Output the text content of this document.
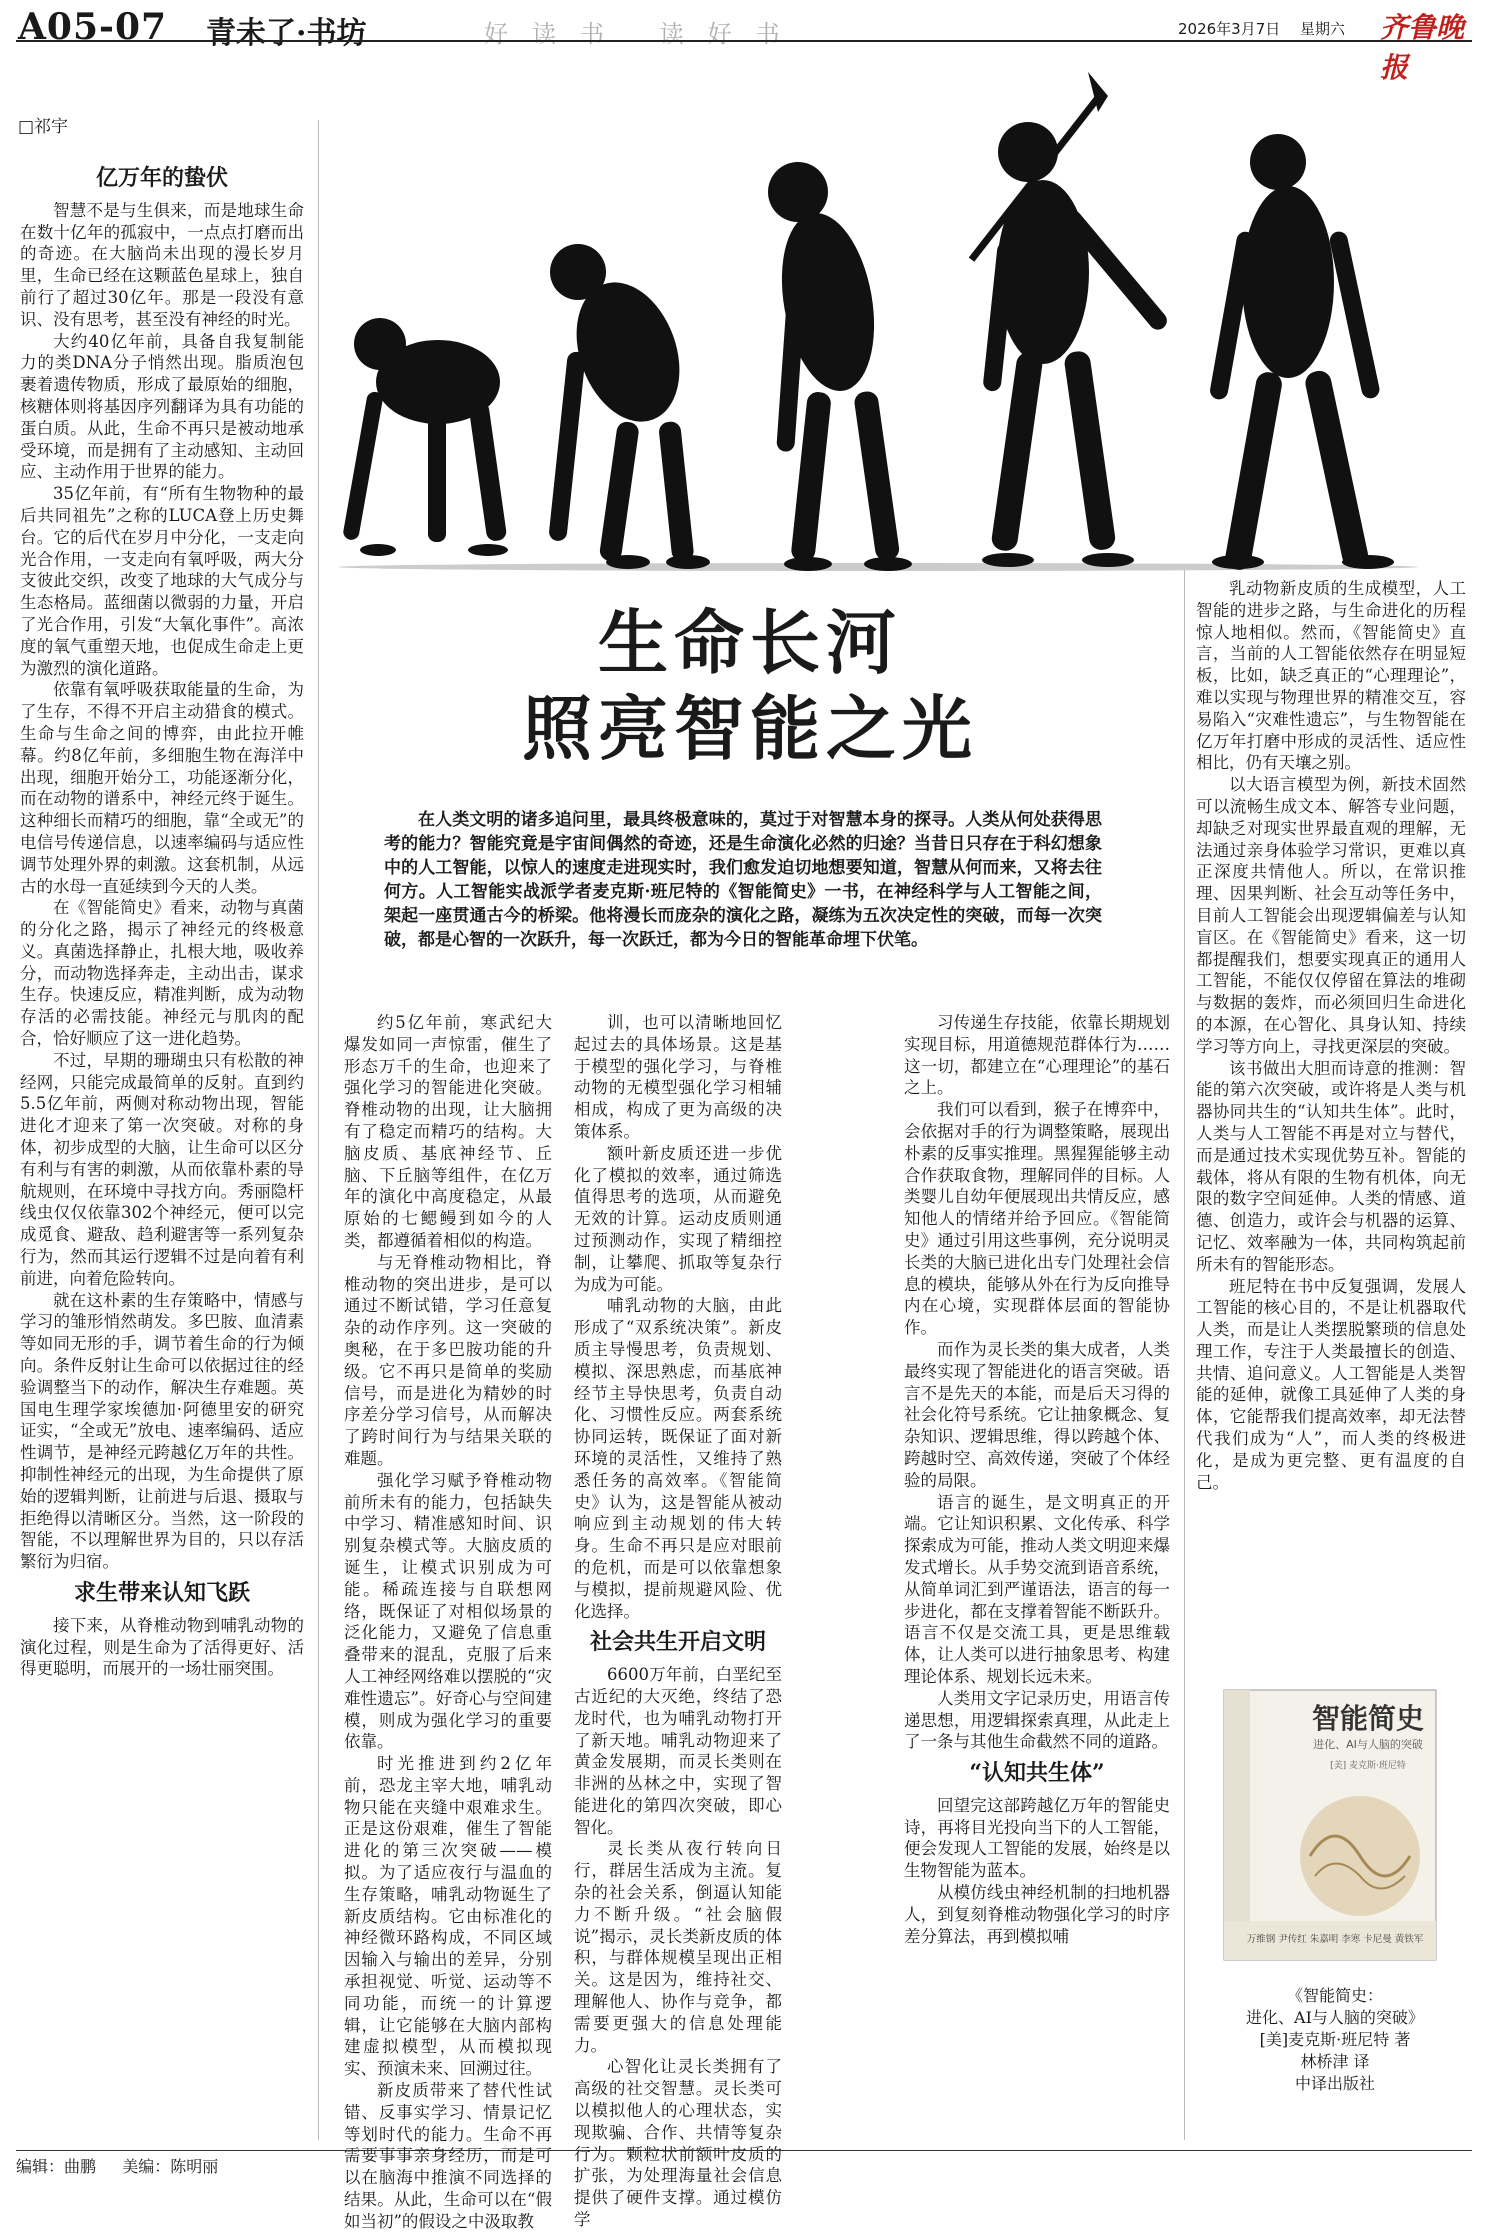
A05-07 青未了·书坊	好读书 读好书	2026年3月7日 星期六 齐鲁晚报
□祁宇
生命长河
照亮智能之光

在人类文明的诸多追问里，最具终极意味的，莫过于对智慧本身的探寻。人类从何处获得思考的能力？智能究竟是宇宙间偶然的奇迹，还是生命演化必然的归途？当昔日只存在于科幻想象中的人工智能，以惊人的速度走进现实时，我们愈发迫切地想要知道，智慧从何而来，又将去往何方。人工智能实战派学者麦克斯·班尼特的《智能简史》一书，在神经科学与人工智能之间，架起一座贯通古今的桥梁。他将漫长而庞杂的演化之路，凝练为五次决定性的突破，而每一次突破，都是心智的一次跃升，每一次跃迁，都为今日的智能革命埋下伏笔。

亿万年的蛰伏

智慧不是与生俱来，而是地球生命在数十亿年的孤寂中，一点点打磨而出的奇迹。在大脑尚未出现的漫长岁月里，生命已经在这颗蓝色星球上，独自前行了超过30亿年。那是一段没有意识、没有思考，甚至没有神经的时光。

大约40亿年前，具备自我复制能力的类DNA分子悄然出现。脂质泡包裹着遗传物质，形成了最原始的细胞，核糖体则将基因序列翻译为具有功能的蛋白质。从此，生命不再只是被动地承受环境，而是拥有了主动感知、主动回应、主动作用于世界的能力。

35亿年前，有“所有生物物种的最后共同祖先”之称的LUCA登上历史舞台。它的后代在岁月中分化，一支走向光合作用，一支走向有氧呼吸，两大分支彼此交织，改变了地球的大气成分与生态格局。蓝细菌以微弱的力量，开启了光合作用，引发“大氧化事件”。高浓度的氧气重塑天地，也促成生命走上更为激烈的演化道路。

依靠有氧呼吸获取能量的生命，为了生存，不得不开启主动猎食的模式。生命与生命之间的博弈，由此拉开帷幕。约8亿年前，多细胞生物在海洋中出现，细胞开始分工，功能逐渐分化，而在动物的谱系中，神经元终于诞生。这种细长而精巧的细胞，靠“全或无”的电信号传递信息，以速率编码与适应性调节处理外界的刺激。这套机制，从远古的水母一直延续到今天的人类。

在《智能简史》看来，动物与真菌的分化之路，揭示了神经元的终极意义。真菌选择静止，扎根大地，吸收养分，而动物选择奔走，主动出击，谋求生存。快速反应，精准判断，成为动物存活的必需技能。神经元与肌肉的配合，恰好顺应了这一进化趋势。

不过，早期的珊瑚虫只有松散的神经网，只能完成最简单的反射。直到约5.5亿年前，两侧对称动物出现，智能进化才迎来了第一次突破。对称的身体，初步成型的大脑，让生命可以区分有利与有害的刺激，从而依靠朴素的导航规则，在环境中寻找方向。秀丽隐杆线虫仅仅依靠302个神经元，便可以完成觅食、避敌、趋利避害等一系列复杂行为，然而其运行逻辑不过是向着有利前进，向着危险转向。

就在这朴素的生存策略中，情感与学习的雏形悄然萌发。多巴胺、血清素等如同无形的手，调节着生命的行为倾向。条件反射让生命可以依据过往的经验调整当下的动作，解决生存难题。英国电生理学家埃德加·阿德里安的研究证实，“全或无”放电、速率编码、适应性调节，是神经元跨越亿万年的共性。抑制性神经元的出现，为生命提供了原始的逻辑判断，让前进与后退、摄取与拒绝得以清晰区分。当然，这一阶段的智能，不以理解世界为目的，只以存活繁衍为归宿。

求生带来认知飞跃

接下来，从脊椎动物到哺乳动物的演化过程，则是生命为了活得更好、活得更聪明，而展开的一场壮丽突围。

约5亿年前，寒武纪大爆发如同一声惊雷，催生了形态万千的生命，也迎来了强化学习的智能进化突破。脊椎动物的出现，让大脑拥有了稳定而精巧的结构。大脑皮质、基底神经节、丘脑、下丘脑等组件，在亿万年的演化中高度稳定，从最原始的七鳃鳗到如今的人类，都遵循着相似的构造。

与无脊椎动物相比，脊椎动物的突出进步，是可以通过不断试错，学习任意复杂的动作序列。这一突破的奥秘，在于多巴胺功能的升级。它不再只是简单的奖励信号，而是进化为精妙的时序差分学习信号，从而解决了跨时间行为与结果关联的难题。

强化学习赋予脊椎动物前所未有的能力，包括缺失中学习、精准感知时间、识别复杂模式等。大脑皮质的诞生，让模式识别成为可能。稀疏连接与自联想网络，既保证了对相似场景的泛化能力，又避免了信息重叠带来的混乱，克服了后来人工神经网络难以摆脱的“灾难性遗忘”。好奇心与空间建模，则成为强化学习的重要依靠。

时光推进到约2亿年前，恐龙主宰大地，哺乳动物只能在夹缝中艰难求生。正是这份艰难，催生了智能进化的第三次突破——模拟。为了适应夜行与温血的生存策略，哺乳动物诞生了新皮质结构。它由标准化的神经微环路构成，不同区域因输入与输出的差异，分别承担视觉、听觉、运动等不同功能，而统一的计算逻辑，让它能够在大脑内部构建虚拟模型，从而模拟现实、预演未来、回溯过往。

新皮质带来了替代性试错、反事实学习、情景记忆等划时代的能力。生命不再需要事事亲身经历，而是可以在脑海中推演不同选择的结果。从此，生命可以在“假如当初”的假设之中汲取教

训，也可以清晰地回忆起过去的具体场景。这是基于模型的强化学习，与脊椎动物的无模型强化学习相辅相成，构成了更为高级的决策体系。

额叶新皮质还进一步优化了模拟的效率，通过筛选值得思考的选项，从而避免无效的计算。运动皮质则通过预测动作，实现了精细控制，让攀爬、抓取等复杂行为成为可能。

哺乳动物的大脑，由此形成了“双系统决策”。新皮质主导慢思考，负责规划、模拟、深思熟虑，而基底神经节主导快思考，负责自动化、习惯性反应。两套系统协同运转，既保证了面对新环境的灵活性，又维持了熟悉任务的高效率。《智能简史》认为，这是智能从被动响应到主动规划的伟大转身。生命不再只是应对眼前的危机，而是可以依靠想象与模拟，提前规避风险、优化选择。

社会共生开启文明

6600万年前，白垩纪至古近纪的大灭绝，终结了恐龙时代，也为哺乳动物打开了新天地。哺乳动物迎来了黄金发展期，而灵长类则在非洲的丛林之中，实现了智能进化的第四次突破，即心智化。

灵长类从夜行转向日行，群居生活成为主流。复杂的社会关系，倒逼认知能力不断升级。“社会脑假说”揭示，灵长类新皮质的体积，与群体规模呈现出正相关。这是因为，维持社交、理解他人、协作与竞争，都需要更强大的信息处理能力。

心智化让灵长类拥有了高级的社交智慧。灵长类可以模拟他人的心理状态，实现欺骗、合作、共情等复杂行为。颗粒状前额叶皮质的扩张，为处理海量社会信息提供了硬件支撑。通过模仿学

习传递生存技能，依靠长期规划实现目标，用道德规范群体行为……这一切，都建立在“心理理论”的基石之上。

我们可以看到，猴子在博弈中，会依据对手的行为调整策略，展现出朴素的反事实推理。黑猩猩能够主动合作获取食物，理解同伴的目标。人类婴儿自幼年便展现出共情反应，感知他人的情绪并给予回应。《智能简史》通过引用这些事例，充分说明灵长类的大脑已进化出专门处理社会信息的模块，能够从外在行为反向推导内在心境，实现群体层面的智能协作。

而作为灵长类的集大成者，人类最终实现了智能进化的语言突破。语言不是先天的本能，而是后天习得的社会化符号系统。它让抽象概念、复杂知识、逻辑思维，得以跨越个体、跨越时空、高效传递，突破了个体经验的局限。

语言的诞生，是文明真正的开端。它让知识积累、文化传承、科学探索成为可能，推动人类文明迎来爆发式增长。从手势交流到语音系统，从简单词汇到严谨语法，语言的每一步进化，都在支撑着智能不断跃升。语言不仅是交流工具，更是思维载体，让人类可以进行抽象思考、构建理论体系、规划长远未来。

人类用文字记录历史，用语言传递思想，用逻辑探索真理，从此走上了一条与其他生命截然不同的道路。

“认知共生体”

回望完这部跨越亿万年的智能史诗，再将目光投向当下的人工智能，便会发现人工智能的发展，始终是以生物智能为蓝本。

从模仿线虫神经机制的扫地机器人，到复刻脊椎动物强化学习的时序差分算法，再到模拟哺

乳动物新皮质的生成模型，人工智能的进步之路，与生命进化的历程惊人地相似。然而，《智能简史》直言，当前的人工智能依然存在明显短板，比如，缺乏真正的“心理理论”，难以实现与物理世界的精准交互，容易陷入“灾难性遗忘”，与生物智能在亿万年打磨中形成的灵活性、适应性相比，仍有天壤之别。

以大语言模型为例，新技术固然可以流畅生成文本、解答专业问题，却缺乏对现实世界最直观的理解，无法通过亲身体验学习常识，更难以真正深度共情他人。所以，在常识推理、因果判断、社会互动等任务中，目前人工智能会出现逻辑偏差与认知盲区。在《智能简史》看来，这一切都提醒我们，想要实现真正的通用人工智能，不能仅仅停留在算法的堆砌与数据的轰炸，而必须回归生命进化的本源，在心智化、具身认知、持续学习等方向上，寻找更深层的突破。

该书做出大胆而诗意的推测：智能的第六次突破，或许将是人类与机器协同共生的“认知共生体”。此时，人类与人工智能不再是对立与替代，而是通过技术实现优势互补。智能的载体，将从有限的生物有机体，向无限的数字空间延伸。人类的情感、道德、创造力，或许会与机器的运算、记忆、效率融为一体，共同构筑起前所未有的智能形态。

班尼特在书中反复强调，发展人工智能的核心目的，不是让机器取代人类，而是让人类摆脱繁琐的信息处理工作，专注于人类最擅长的创造、共情、追问意义。人工智能是人类智能的延伸，就像工具延伸了人类的身体，它能帮我们提高效率，却无法替代我们成为“人”，而人类的终极进化，是成为更完整、更有温度的自己。

智能简史
进化、AI与人脑的突破
[美] 麦克斯·班尼特
万维钢 尹传红 朱嘉明 李寒 卡尼曼 黄铁军
《智能简史：
进化、AI与人脑的突破》
[美]麦克斯·班尼特 著
林桥津 译
中译出版社
编辑：曲鹏 美编：陈明丽
